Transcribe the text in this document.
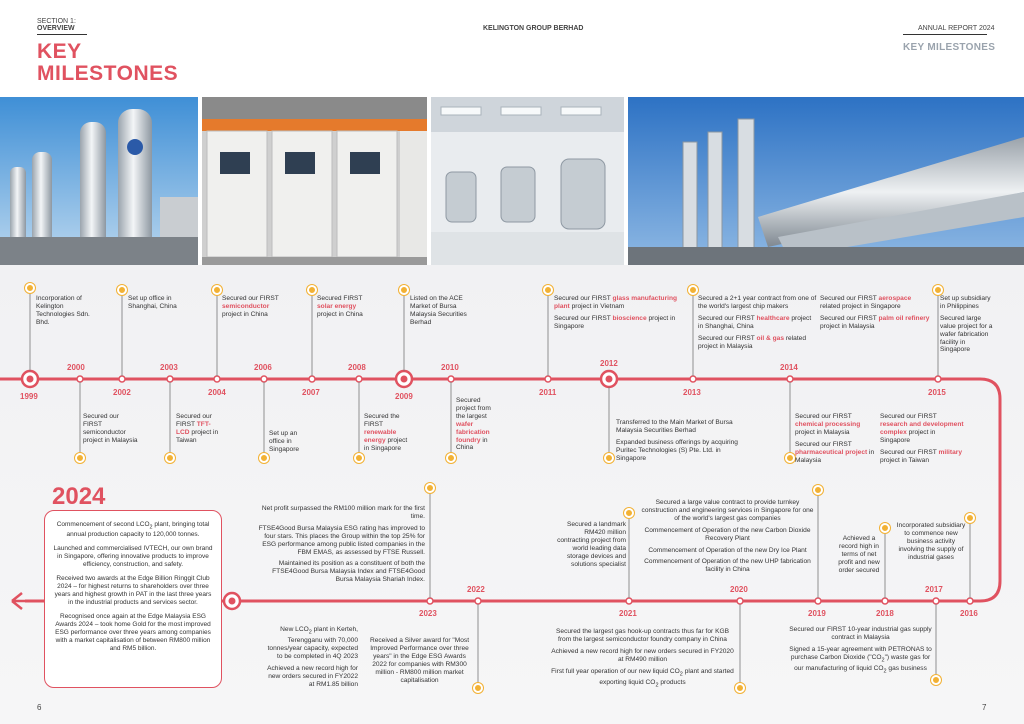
SECTION 1:
OVERVIEW	KELINGTON GROUP BERHAD	ANNUAL REPORT 2024
KEY
MILESTONES
KEY MILESTONES
1999
2000
2002
2003
2004
2006
2007
2008
2009
2010
2011
2012
2013
2014
2015
2023
2022
2021
2020
2019	2018
2017
2016
Incorporation of Kelington Technologies Sdn. Bhd.
Secured our FIRST semiconductor project in Malaysia
Set up office in Shanghai, China
Secured our FIRST TFT-LCD project in Taiwan
Secured our FIRST semiconductor project in China
Set up an office in Singapore
Secured FIRST solar energy project in China
Secured the FIRST renewable energy project in Singapore
Listed on the ACE Market of Bursa Malaysia Securities Berhad
Secured project from the largest wafer fabrication foundry in China

Secured our FIRST glass manufacturing plant project in Vietnam

Secured our FIRST bioscience project in Singapore

Transferred to the Main Market of Bursa Malaysia Securities Berhad

Expanded business offerings by acquiring Puritec Technologies (S) Pte. Ltd. in Singapore

Secured a 2+1 year contract from one of the world's largest chip makers

Secured our FIRST healthcare project in Shanghai, China

Secured our FIRST oil & gas related project in Malaysia

Secured our FIRST aerospace related project in Singapore

Secured our FIRST palm oil refinery project in Malaysia

Secured our FIRST chemical processing project in Malaysia

Secured our FIRST pharmaceutical project in Malaysia

Secured our FIRST research and development complex project in Singapore

Secured our FIRST military project in Taiwan

Set up subsidiary in Philippines

Secured large value project for a wafer fabrication facility in Singapore

2024

Commencement of second $LCO_2$ plant, bringing total annual production capacity to 120,000 tonnes.

Launched and commercialised IVTECH, our own brand in Singapore, offering innovative products to improve efficiency, construction, and safety.

Received two awards at the Edge Billion Ringgit Club 2024 – for highest returns to shareholders over three years and highest growth in PAT in the last three years in the industrial products and services sector.

Recognised once again at the Edge Malaysia ESG Awards 2024 – took home Gold for the most improved ESG performance over three years among companies with a market capitalisation of between RM800 million and RM5 billion.

Net profit surpassed the RM100 million mark for the first time.

FTSE4Good Bursa Malaysia ESG rating has improved to four stars. This places the Group within the top 25% for ESG performance among public listed companies in the FBM EMAS, as assessed by FTSE Russell.

Maintained its position as a constituent of both the FTSE4Good Bursa Malaysia Index and FTSE4Good Bursa Malaysia Shariah Index.

New $LCO_2$ plant in Kerteh, Terengganu with 70,000 tonnes/year capacity, expected to be completed in 4Q 2023

Achieved a new record high for new orders secured in FY2022 at RM1.85 billion

Received a Silver award for "Most Improved Performance over three years" in the Edge ESG Awards 2022 for companies with RM300 million - RM800 million market capitalisation
Secured a landmark RM420 million contracting project from world leading data storage devices and solutions specialist

Secured the largest gas hook-up contracts thus far for KGB from the largest semiconductor foundry company in China

Achieved a new record high for new orders secured in FY2020 at RM490 million

First full year operation of our new liquid $CO_2$ plant and started exporting liquid $CO_2$ products

Secured a large value contract to provide turnkey construction and engineering services in Singapore for one of the world's largest gas companies

Commencement of Operation of the new Carbon Dioxide Recovery Plant

Commencement of Operation of the new Dry Ice Plant

Commencement of Operation of the new UHP fabrication facility in China

Achieved a record high in terms of net profit and new order secured
Incorporated subsidiary to commence new business activity involving the supply of industrial gases

Secured our FIRST 10-year industrial gas supply contract in Malaysia

Signed a 15-year agreement with PETRONAS to purchase Carbon Dioxide $("CO_2")$ waste gas for our manufacturing of liquid $CO_2$ gas business

6	7
